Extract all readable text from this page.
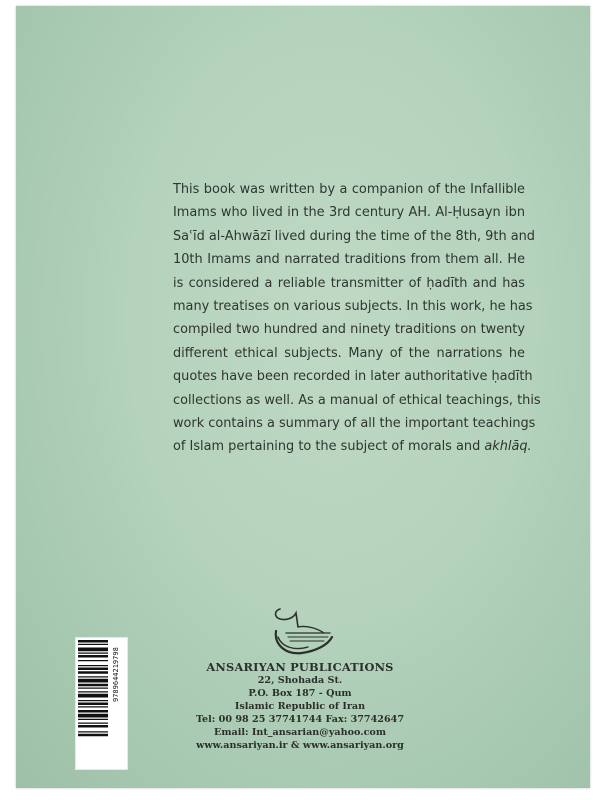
This book was written by a companion of the Infallible
Imams who lived in the 3rd century AH. Al-Ḥusayn ibn
Saʿīd al-Ahwāzī lived during the time of the 8th, 9th and
10th Imams and narrated traditions from them all. He
is considered a reliable transmitter of ḥadīth and has
many treatises on various subjects. In this work, he has
compiled two hundred and ninety traditions on twenty
different ethical subjects. Many of the narrations he
quotes have been recorded in later authoritative ḥadīth
collections as well. As a manual of ethical teachings, this
work contains a summary of all the important teachings
of Islam pertaining to the subject of morals and akhlāq.

ANSARIYAN PUBLICATIONS
22, Shohada St.
P.O. Box 187 - Qum
Islamic Republic of Iran
Tel: 00 98 25 37741744 Fax: 37742647
Email: Int_ansarian@yahoo.com
www.ansariyan.ir & www.ansariyan.org
9789644219798
